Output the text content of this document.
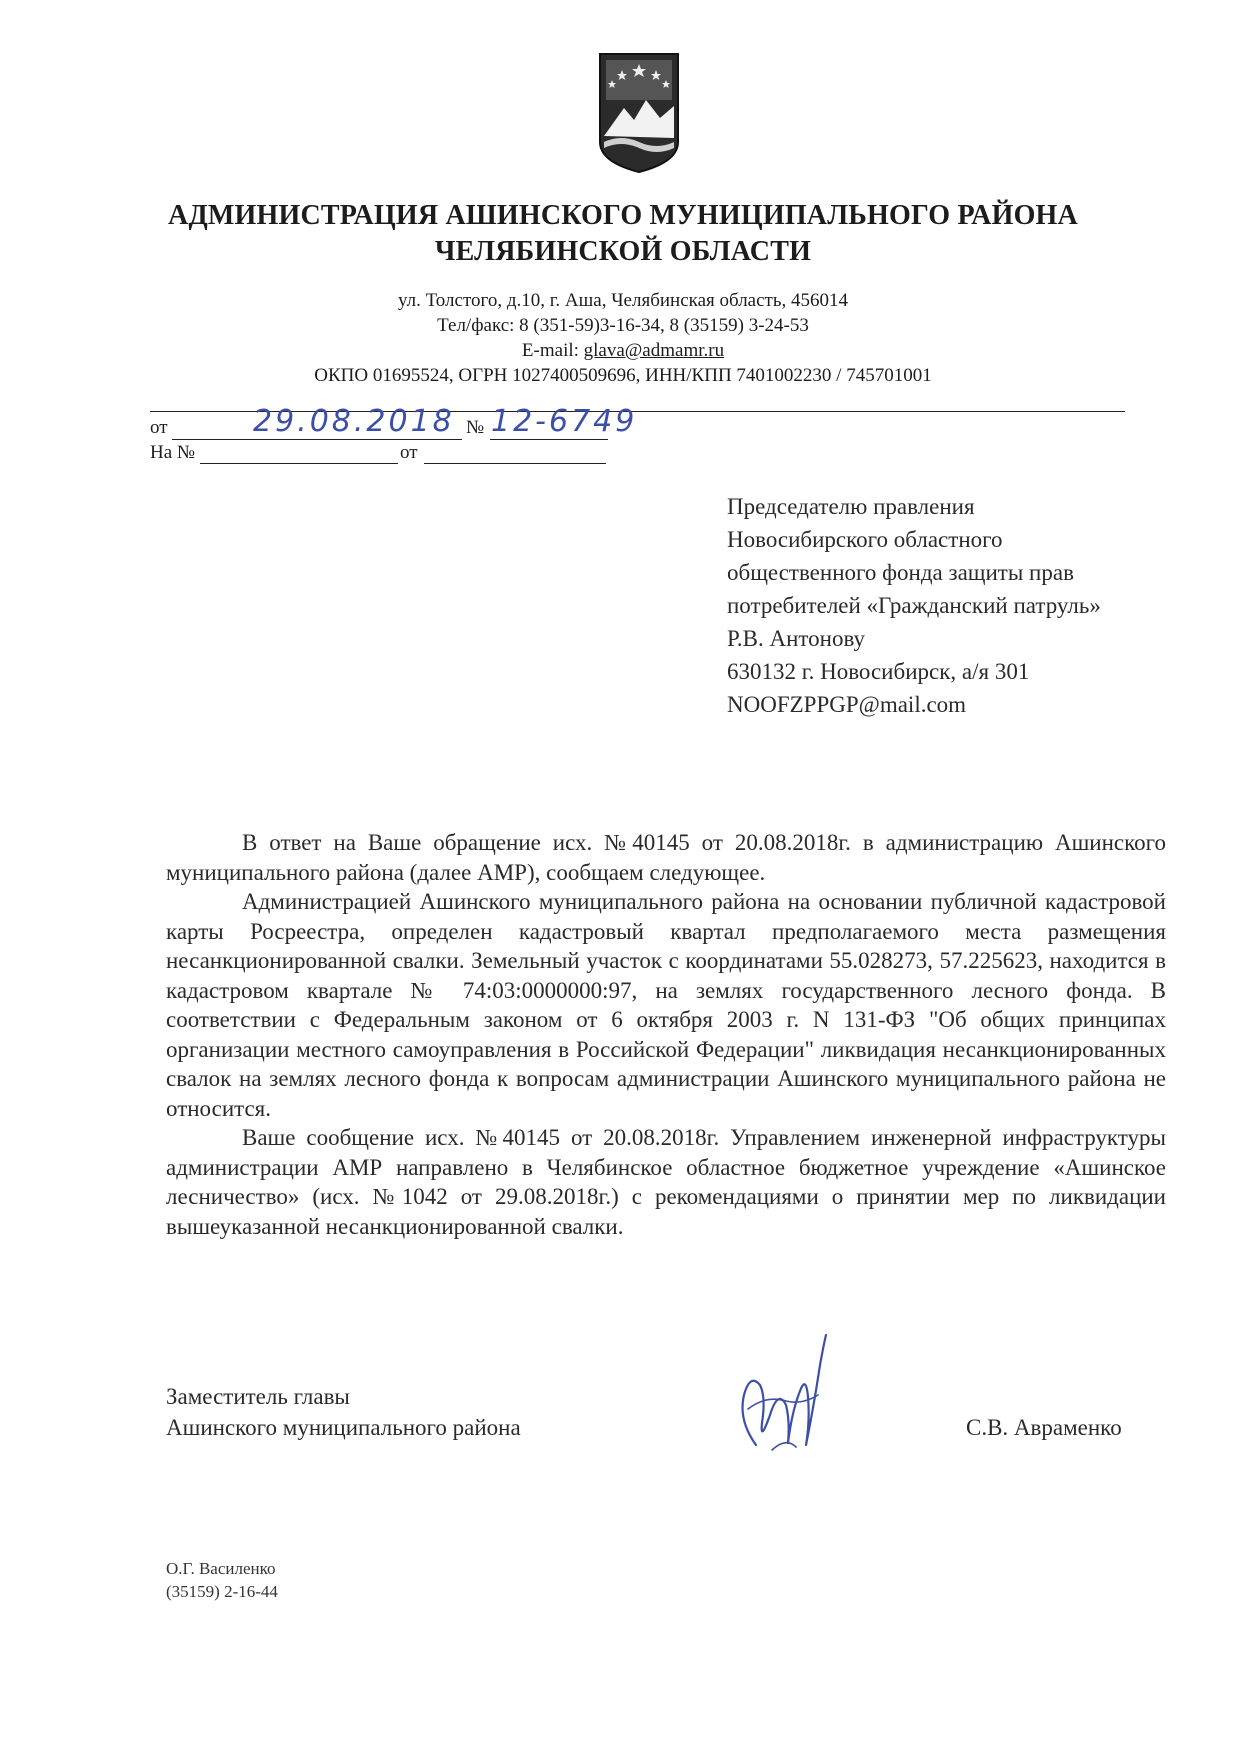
АДМИНИСТРАЦИЯ АШИНСКОГО МУНИЦИПАЛЬНОГО РАЙОНА
ЧЕЛЯБИНСКОЙ ОБЛАСТИ
ул. Толстого, д.10, г. Аша, Челябинская область, 456014
Тел/факс: 8 (351-59)3-16-34, 8 (35159) 3-24-53
E-mail: glava@admamr.ru
ОКПО 01695524, ОГРН 1027400509696, ИНН/КПП 7401002230 / 745701001
от	29.08.2018 № 12-6749
На №	от
Председателю правления
Новосибирского областного
общественного фонда защиты прав
потребителей «Гражданский патруль»
Р.В. Антонову
630132 г. Новосибирск, а/я 301
NOOFZPPGP@mail.com

В ответ на Ваше обращение исх. №40145 от 20.08.2018г. в администрацию Ашинского муниципального района (далее АМР), сообщаем следующее.

Администрацией Ашинского муниципального района на основании публичной кадастровой карты Росреестра, определен кадастровый квартал предполагаемого места размещения несанкционированной свалки. Земельный участок с координатами 55.028273, 57.225623, находится в кадастровом квартале № 74:03:0000000:97, на землях государственного лесного фонда. В соответствии с Федеральным законом от 6 октября 2003 г. N 131-ФЗ "Об общих принципах организации местного самоуправления в Российской Федерации" ликвидация несанкционированных свалок на землях лесного фонда к вопросам администрации Ашинского муниципального района не относится.

Ваше сообщение исх. №40145 от 20.08.2018г. Управлением инженерной инфраструктуры администрации АМР направлено в Челябинское областное бюджетное учреждение «Ашинское лесничество» (исх. №1042 от 29.08.2018г.) с рекомендациями о принятии мер по ликвидации вышеуказанной несанкционированной свалки.

Заместитель главы
Ашинского муниципального района	С.В. Авраменко
О.Г. Василенко
(35159) 2-16-44
